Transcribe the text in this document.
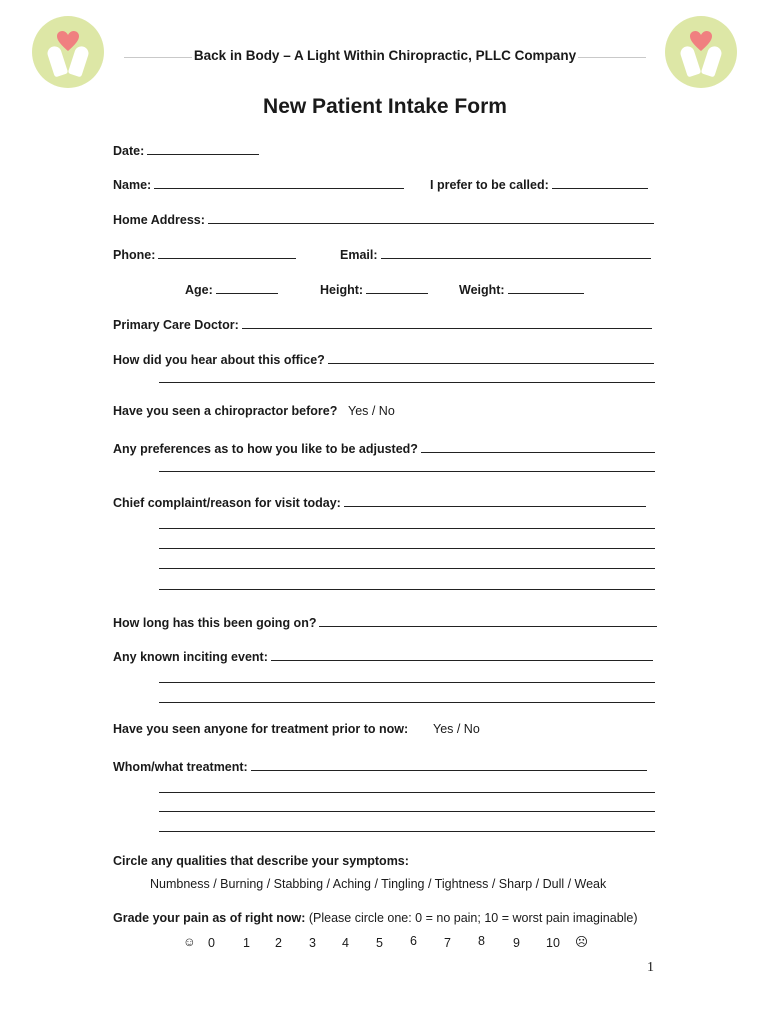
Back in Body – A Light Within Chiropractic, PLLC Company
New Patient Intake Form
Date:
Name:	I prefer to be called:
Home Address:
Phone:	Email:
Age:	Height:	Weight:
Primary Care Doctor:
How did you hear about this office?
Have you seen a chiropractor before? Yes / No
Any preferences as to how you like to be adjusted?
Chief complaint/reason for visit today:
How long has this been going on?
Any known inciting event:
Have you seen anyone for treatment prior to now: Yes / No
Whom/what treatment:
Circle any qualities that describe your symptoms:
Numbness / Burning / Stabbing / Aching / Tingling / Tightness / Sharp / Dull / Weak
Grade your pain as of right now: (Please circle one: 0 = no pain; 10 = worst pain imaginable)
☺ 0 1 2 3 4 5 6 7 8 9 10 ☹
1
